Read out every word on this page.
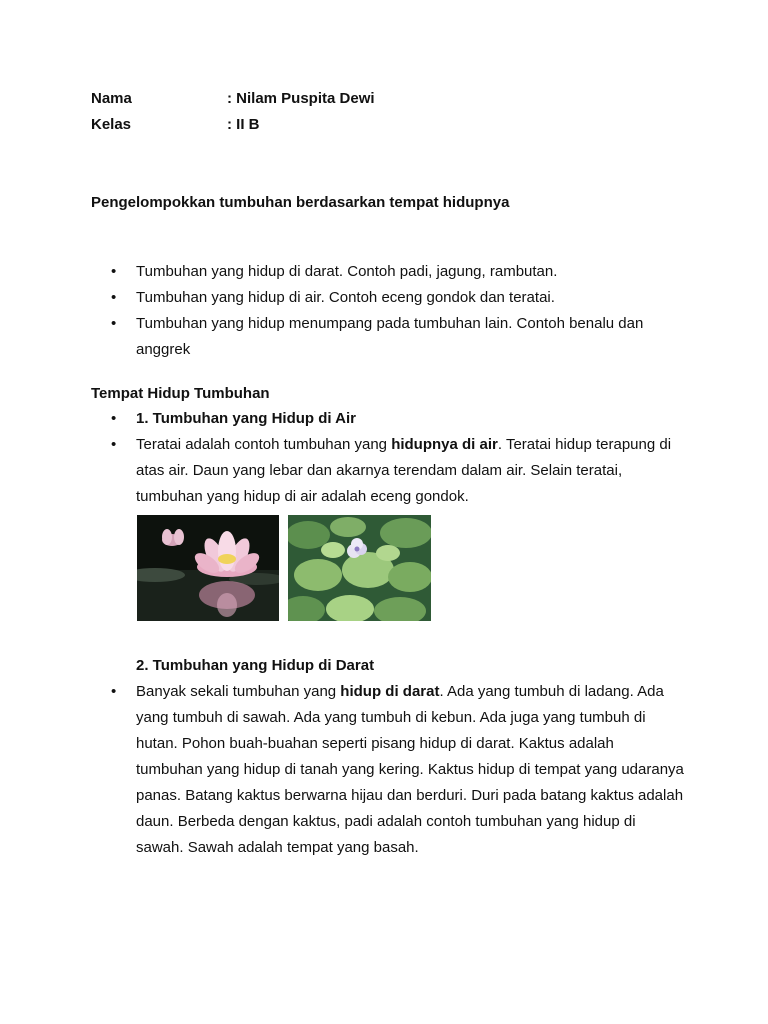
Nama	: Nilam Puspita Dewi
Kelas	: II B
Pengelompokkan tumbuhan berdasarkan tempat hidupnya
• Tumbuhan yang hidup di darat. Contoh padi, jagung, rambutan.
• Tumbuhan yang hidup di air. Contoh eceng gondok dan teratai.
• Tumbuhan yang hidup menumpang pada tumbuhan lain. Contoh benalu dan anggrek
Tempat Hidup Tumbuhan
• 1. Tumbuhan yang Hidup di Air
• Teratai adalah contoh tumbuhan yang hidupnya di air. Teratai hidup terapung di atas air. Daun yang lebar dan akarnya terendam dalam air. Selain teratai, tumbuhan yang hidup di air adalah eceng gondok.
2. Tumbuhan yang Hidup di Darat
• Banyak sekali tumbuhan yang hidup di darat. Ada yang tumbuh di ladang. Ada yang tumbuh di sawah. Ada yang tumbuh di kebun. Ada juga yang tumbuh di hutan. Pohon buah-buahan seperti pisang hidup di darat. Kaktus adalah tumbuhan yang hidup di tanah yang kering. Kaktus hidup di tempat yang udaranya panas. Batang kaktus berwarna hijau dan berduri. Duri pada batang kaktus adalah daun. Berbeda dengan kaktus, padi adalah contoh tumbuhan yang hidup di sawah. Sawah adalah tempat yang basah.
